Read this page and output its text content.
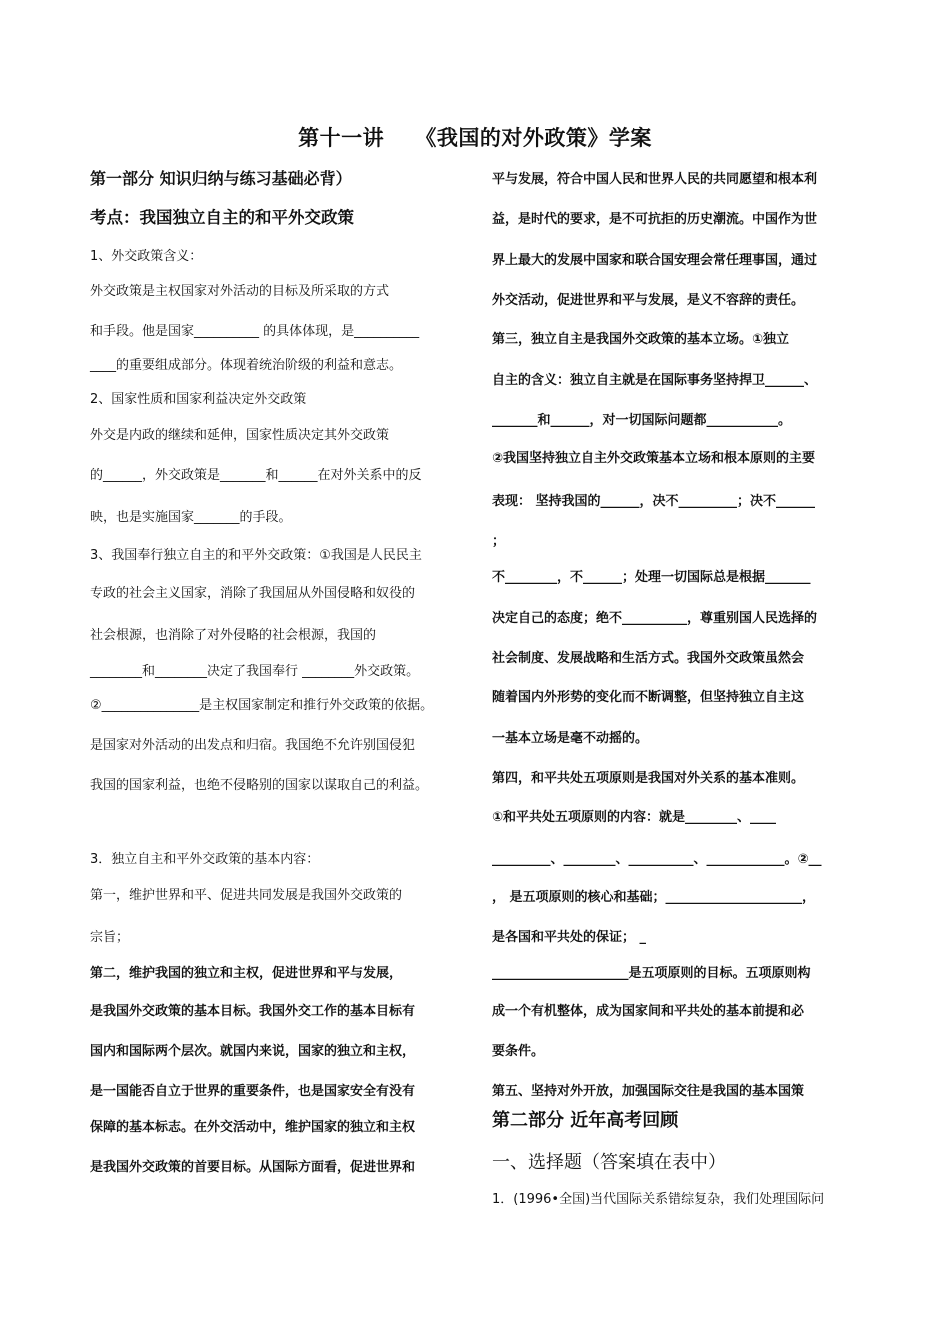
第十一讲    《我国的对外政策》学案
第一部分 知识归纳与练习基础必背）
考点：我国独立自主的和平外交政策
1、外交政策含义：
外交政策是主权国家对外活动的目标及所采取的方式
和手段。他是国家__________ 的具体体现，是__________
____的重要组成部分。体现着统治阶级的利益和意志。
2、国家性质和国家利益决定外交政策
外交是内政的继续和延伸，国家性质决定其外交政策
的______，外交政策是_______和______在对外关系中的反
映，也是实施国家_______的手段。
3、我国奉行独立自主的和平外交政策：①我国是人民民主
专政的社会主义国家，消除了我国屈从外国侵略和奴役的
社会根源，也消除了对外侵略的社会根源，我国的
________和________决定了我国奉行 ________外交政策。
②_______________是主权国家制定和推行外交政策的依据。
是国家对外活动的出发点和归宿。我国绝不允许别国侵犯
我国的国家利益，也绝不侵略别的国家以谋取自己的利益。
3．独立自主和平外交政策的基本内容：
第一，维护世界和平、促进共同发展是我国外交政策的
宗旨；
第二，维护我国的独立和主权，促进世界和平与发展，
是我国外交政策的基本目标。我国外交工作的基本目标有
国内和国际两个层次。就国内来说，国家的独立和主权，
是一国能否自立于世界的重要条件，也是国家安全有没有
保障的基本标志。在外交活动中，维护国家的独立和主权
是我国外交政策的首要目标。从国际方面看，促进世界和
平与发展，符合中国人民和世界人民的共同愿望和根本利
益，是时代的要求，是不可抗拒的历史潮流。中国作为世
界上最大的发展中国家和联合国安理会常任理事国，通过
外交活动，促进世界和平与发展，是义不容辞的责任。
第三，独立自主是我国外交政策的基本立场。①独立
自主的含义：独立自主就是在国际事务坚持捍卫______、
_______和______，对一切国际问题都___________。
②我国坚持独立自主外交政策基本立场和根本原则的主要
表现： 坚持我国的______，决不_________；决不______
；
不________，不______；处理一切国际总是根据_______
决定自己的态度；绝不__________，尊重别国人民选择的
社会制度、发展战略和生活方式。我国外交政策虽然会
随着国内外形势的变化而不断调整，但坚持独立自主这
一基本立场是毫不动摇的。
第四，和平共处五项原则是我国对外关系的基本准则。
①和平共处五项原则的内容：就是________、____
_________、________、__________、____________。②__
， 是五项原则的核心和基础；_____________________，
是各国和平共处的保证； _
_____________________是五项原则的目标。五项原则构
成一个有机整体，成为国家间和平共处的基本前提和必
要条件。
第五、坚持对外开放，加强国际交往是我国的基本国策
第二部分 近年高考回顾
一、选择题（答案填在表中）
1．(1996•全国)当代国际关系错综复杂，我们处理国际问
